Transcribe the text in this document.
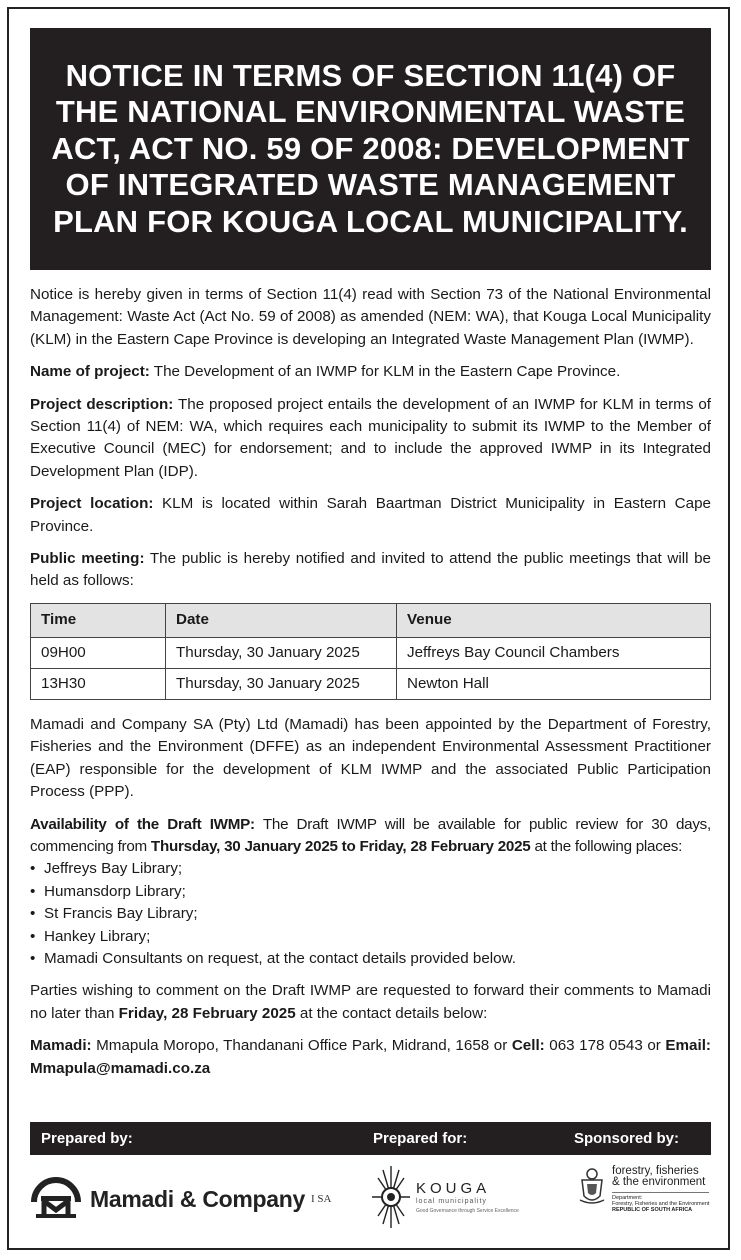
NOTICE IN TERMS OF SECTION 11(4) OF THE NATIONAL ENVIRONMENTAL WASTE ACT, ACT NO. 59 OF 2008: DEVELOPMENT OF INTEGRATED WASTE MANAGEMENT PLAN FOR KOUGA LOCAL MUNICIPALITY.

Notice is hereby given in terms of Section 11(4) read with Section 73 of the National Environmental Management: Waste Act (Act No. 59 of 2008) as amended (NEM: WA), that Kouga Local Municipality (KLM) in the Eastern Cape Province is developing an Integrated Waste Management Plan (IWMP).

Name of project: The Development of an IWMP for KLM in the Eastern Cape Province.

Project description: The proposed project entails the development of an IWMP for KLM in terms of Section 11(4) of NEM: WA, which requires each municipality to submit its IWMP to the Member of Executive Council (MEC) for endorsement; and to include the approved IWMP in its Integrated Development Plan (IDP).

Project location: KLM is located within Sarah Baartman District Municipality in Eastern Cape Province.

Public meeting: The public is hereby notified and invited to attend the public meetings that will be held as follows:

Time	Date	Venue
09H00	Thursday, 30 January 2025	Jeffreys Bay Council Chambers
13H30	Thursday, 30 January 2025	Newton Hall

Mamadi and Company SA (Pty) Ltd (Mamadi) has been appointed by the Department of Forestry, Fisheries and the Environment (DFFE) as an independent Environmental Assessment Practitioner (EAP) responsible for the development of KLM IWMP and the associated Public Participation Process (PPP).

Availability of the Draft IWMP: The Draft IWMP will be available for public review for 30 days, commencing from Thursday, 30 January 2025 to Friday, 28 February 2025 at the following places:

• Jeffreys Bay Library;
• Humansdorp Library;
• St Francis Bay Library;
• Hankey Library;
• Mamadi Consultants on request, at the contact details provided below.

Parties wishing to comment on the Draft IWMP are requested to forward their comments to Mamadi no later than Friday, 28 February 2025 at the contact details below:

Mamadi: Mmapula Moropo, Thandanani Office Park, Midrand, 1658 or Cell: 063 178 0543 or Email: Mmapula@mamadi.co.za

Prepared by:	Prepared for:	Sponsored by:
Mamadi & Company I SA
KOUGA
local municipality
Good Governance through Service Excellence
forestry, fisheries
& the environment
Department:
Forestry, Fisheries and the Environment
REPUBLIC OF SOUTH AFRICA
